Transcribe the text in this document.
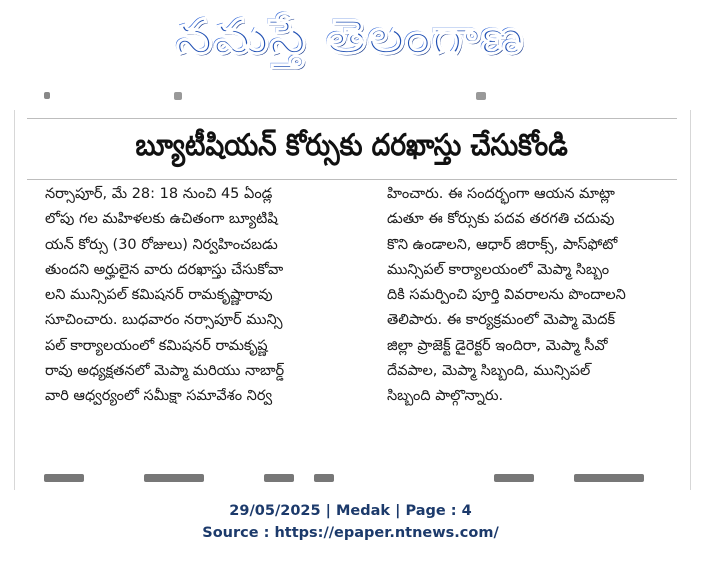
నమస్తే తెలంగాణ
బ్యూటీషియన్ కోర్సుకు దరఖాస్తు చేసుకోండి
నర్సాపూర్, మే 28: 18 నుంచి 45 ఏండ్ల
లోపు గల మహిళలకు ఉచితంగా బ్యూటిషి
యన్ కోర్సు (30 రోజులు) నిర్వహించబడు
తుందని అర్హులైన వారు దరఖాస్తు చేసుకోవా
లని మున్సిపల్ కమిషనర్ రామకృష్ణారావు
సూచించారు. బుధవారం నర్సాపూర్ మున్సి
పల్ కార్యాలయంలో కమిషనర్ రామకృష్ణ
రావు అధ్యక్షతనలో మెప్మా మరియు నాబార్డ్
వారి ఆధ్వర్యంలో సమీక్షా సమావేశం నిర్వ
హించారు. ఈ సందర్భంగా ఆయన మాట్లా
డుతూ ఈ కోర్సుకు పదవ తరగతి చదువు
కొని ఉండాలని, ఆధార్ జిరాక్స్, పాస్‌ఫోటో
మున్సిపల్ కార్యాలయంలో మెప్మా సిబ్బం
దికి సమర్పించి పూర్తి వివరాలను పొందాలని
తెలిపారు. ఈ కార్యక్రమంలో మెప్మా మెదక్
జిల్లా ప్రాజెక్ట్ డైరెక్టర్ ఇందిరా, మెప్మా సీవో
దేవపాల, మెప్మా సిబ్బంది, మున్సిపల్
సిబ్బంది పాల్గొన్నారు.
29/05/2025 | Medak | Page : 4
Source : https://epaper.ntnews.com/
